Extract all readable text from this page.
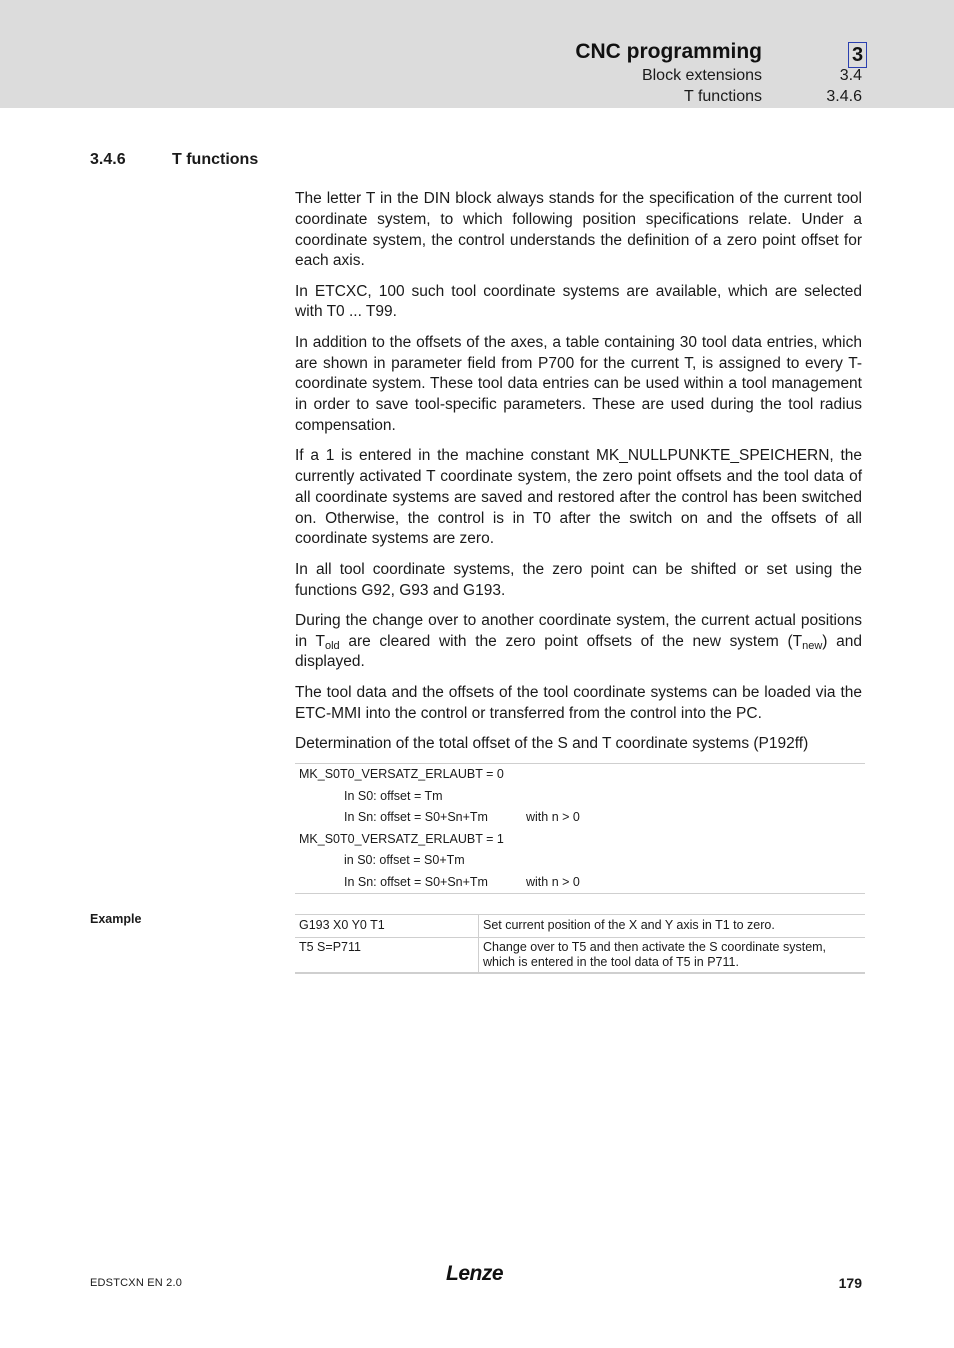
CNC programming	3
Block extensions	3.4
T functions	3.4.6
3.4.6	T functions

The letter T in the DIN block always stands for the specification of the current tool coordinate system, to which following position specifications relate. Under a coordinate system, the control understands the definition of a zero point offset for each axis.

In ETCXC, 100 such tool coordinate systems are available, which are selected with T0 ... T99.

In addition to the offsets of the axes, a table containing 30 tool data entries, which are shown in parameter field from P700 for the current T, is assigned to every T-coordinate system. These tool data entries can be used within a tool management in order to save tool-specific parameters. These are used during the tool radius compensation.

If a 1 is entered in the machine constant MK_NULLPUNKTE_SPEICHERN, the currently activated T coordinate system, the zero point offsets and the tool data of all coordinate systems are saved and restored after the control has been switched on. Otherwise, the control is in T0 after the switch on and the offsets of all coordinate systems are zero.

In all tool coordinate systems, the zero point can be shifted or set using the functions G92, G93 and G193.

During the change over to another coordinate system, the current actual positions in $T_{old}$ are cleared with the zero point offsets of the new system $(T_{new})$ and displayed.

The tool data and the offsets of the tool coordinate systems can be loaded via the ETC-MMI into the control or transferred from the control into the PC.

Determination of the total offset of the S and T coordinate systems (P192ff)

MK_S0T0_VERSATZ_ERLAUBT = 0
In S0: offset = Tm
In Sn: offset = S0+Sn+Tm	with n > 0
MK_S0T0_VERSATZ_ERLAUBT = 1
in S0: offset = S0+Tm
In Sn: offset = S0+Sn+Tm	with n > 0
Example	G193 X0 Y0 T1	Set current position of the X and Y axis in T1 to zero.
T5 S=P711	Change over to T5 and then activate the S coordinate system, which is entered in the tool data of T5 in P711.
EDSTCXN EN 2.0	Lenze	179
